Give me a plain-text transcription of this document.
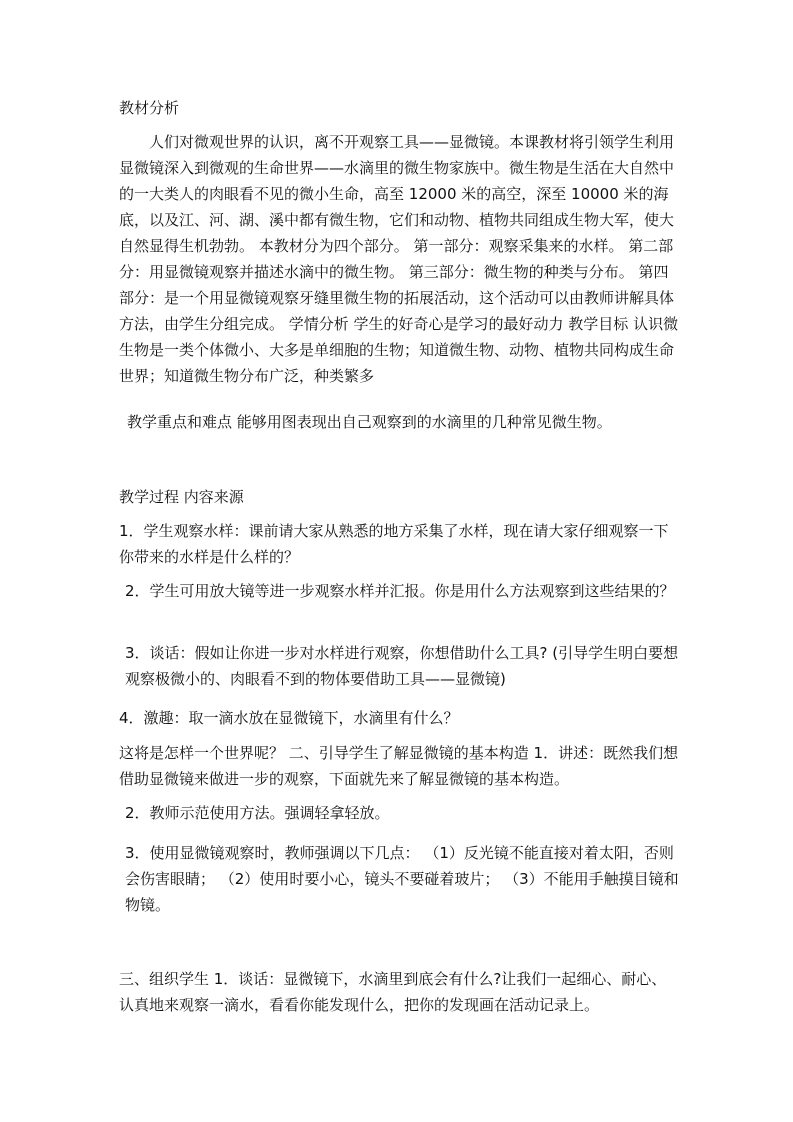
教材分析

人们对微观世界的认识，离不开观察工具——显微镜。本课教材将引领学生利用显微镜深入到微观的生命世界——水滴里的微生物家族中。微生物是生活在大自然中的一大类人的肉眼看不见的微小生命，高至 12000 米的高空，深至 10000 米的海底，以及江、河、湖、溪中都有微生物，它们和动物、植物共同组成生物大军，使大自然显得生机勃勃。 本教材分为四个部分。 第一部分：观察采集来的水样。 第二部分：用显微镜观察并描述水滴中的微生物。 第三部分：微生物的种类与分布。 第四部分：是一个用显微镜观察牙缝里微生物的拓展活动，这个活动可以由教师讲解具体方法，由学生分组完成。 学情分析 学生的好奇心是学习的最好动力 教学目标 认识微生物是一类个体微小、大多是单细胞的生物；知道微生物、动物、植物共同构成生命世界；知道微生物分布广泛，种类繁多

教学重点和难点 能够用图表现出自己观察到的水滴里的几种常见微生物。

教学过程 内容来源

1．学生观察水样：课前请大家从熟悉的地方采集了水样，现在请大家仔细观察一下你带来的水样是什么样的？

2．学生可用放大镜等进一步观察水样并汇报。你是用什么方法观察到这些结果的？

3．谈话：假如让你进一步对水样进行观察，你想借助什么工具? (引导学生明白要想观察极微小的、肉眼看不到的物体要借助工具——显微镜)

4．激趣：取一滴水放在显微镜下，水滴里有什么？

这将是怎样一个世界呢？ 二、引导学生了解显微镜的基本构造 1．讲述：既然我们想借助显微镜来做进一步的观察，下面就先来了解显微镜的基本构造。

2．教师示范使用方法。强调轻拿轻放。

3．使用显微镜观察时，教师强调以下几点： （1）反光镜不能直接对着太阳，否则会伤害眼睛； （2）使用时要小心，镜头不要碰着玻片； （3）不能用手触摸目镜和物镜。

三、组织学生 1．谈话：显微镜下，水滴里到底会有什么?让我们一起细心、耐心、认真地来观察一滴水，看看你能发现什么，把你的发现画在活动记录上。
